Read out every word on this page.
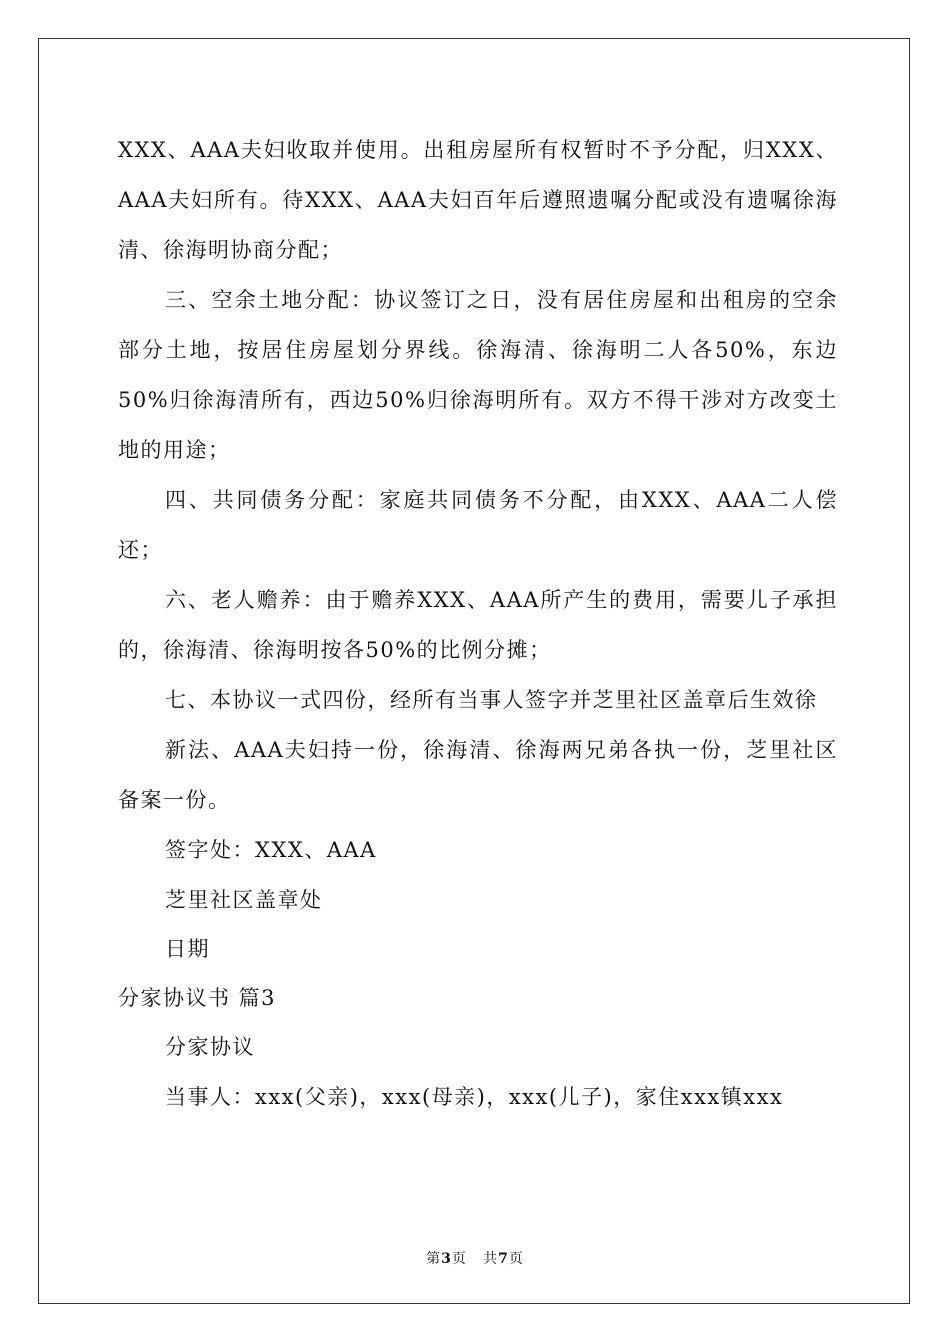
XXX、AAA夫妇收取并使用。出租房屋所有权暂时不予分配，归XXX、AAA夫妇所有。待XXX、AAA夫妇百年后遵照遗嘱分配或没有遗嘱徐海清、徐海明协商分配；

三、空余土地分配：协议签订之日，没有居住房屋和出租房的空余部分土地，按居住房屋划分界线。徐海清、徐海明二人各50%，东边50%归徐海清所有，西边50%归徐海明所有。双方不得干涉对方改变土地的用途；

四、共同债务分配：家庭共同债务不分配，由XXX、AAA二人偿还；

六、老人赡养：由于赡养XXX、AAA所产生的费用，需要儿子承担的，徐海清、徐海明按各50%的比例分摊；

七、本协议一式四份，经所有当事人签字并芝里社区盖章后生效徐

新法、AAA夫妇持一份，徐海清、徐海两兄弟各执一份，芝里社区备案一份。

签字处：XXX、AAA

芝里社区盖章处

日期

分家协议书 篇3

分家协议

当事人：xxx(父亲)，xxx(母亲)，xxx(儿子)，家住xxx镇xxx

第3页 共7页
